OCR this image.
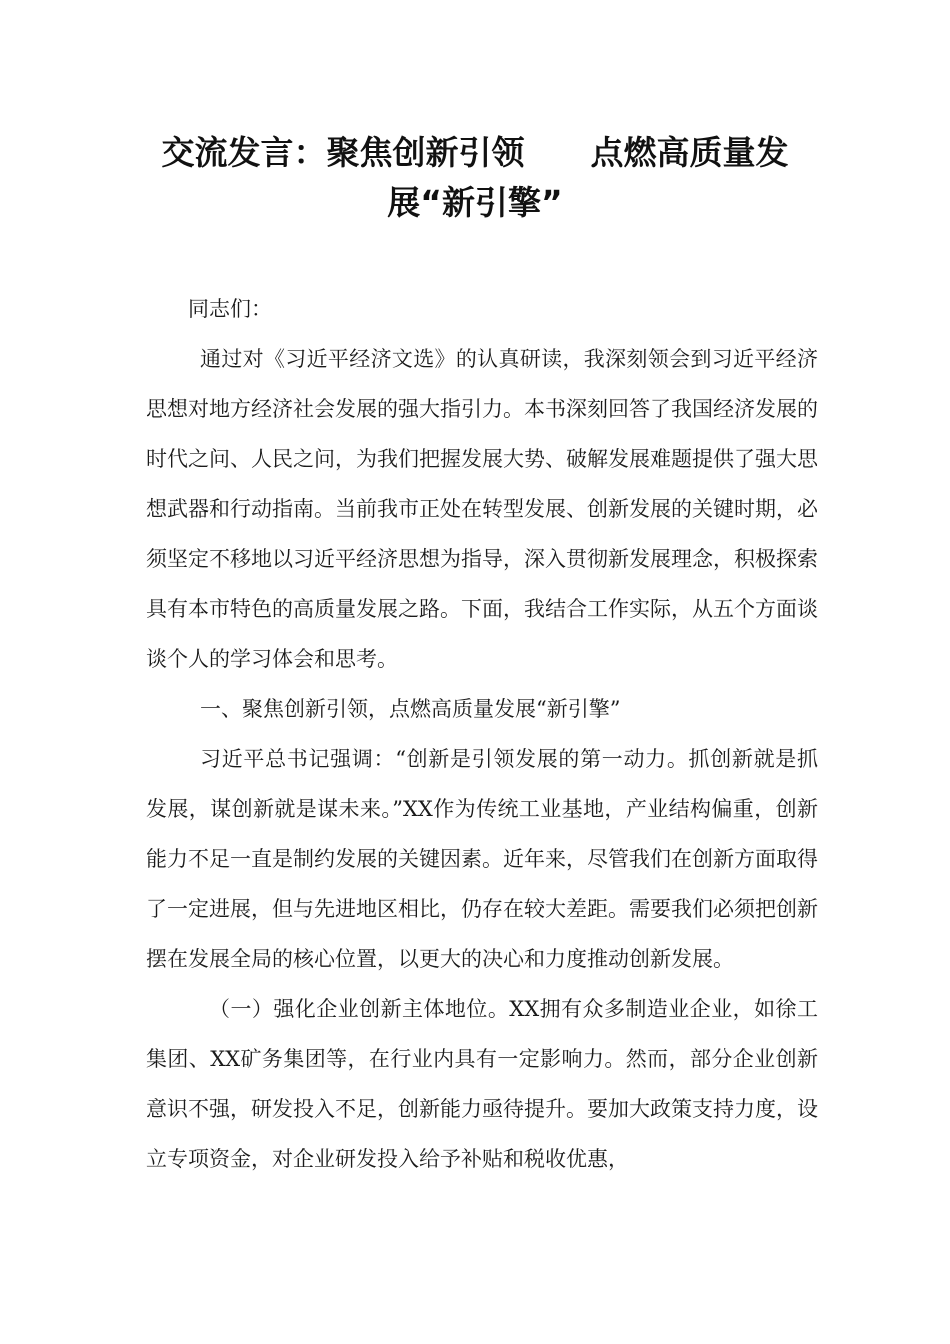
交流发言：聚焦创新引领　　点燃高质量发
展“新引擎”

同志们：

通过对《习近平经济文选》的认真研读，我深刻领会到习近平经济思想对地方经济社会发展的强大指引力。本书深刻回答了我国经济发展的时代之问、人民之问，为我们把握发展大势、破解发展难题提供了强大思想武器和行动指南。当前我市正处在转型发展、创新发展的关键时期，必须坚定不移地以习近平经济思想为指导，深入贯彻新发展理念，积极探索具有本市特色的高质量发展之路。下面，我结合工作实际，从五个方面谈谈个人的学习体会和思考。

一、聚焦创新引领，点燃高质量发展“新引擎”

习近平总书记强调：“创新是引领发展的第一动力。抓创新就是抓发展，谋创新就是谋未来。”XX作为传统工业基地，产业结构偏重，创新能力不足一直是制约发展的关键因素。近年来，尽管我们在创新方面取得了一定进展，但与先进地区相比，仍存在较大差距。需要我们必须把创新摆在发展全局的核心位置，以更大的决心和力度推动创新发展。

（一）强化企业创新主体地位。XX拥有众多制造业企业，如徐工集团、XX矿务集团等，在行业内具有一定影响力。然而，部分企业创新意识不强，研发投入不足，创新能力亟待提升。要加大政策支持力度，设立专项资金，对企业研发投入给予补贴和税收优惠，
